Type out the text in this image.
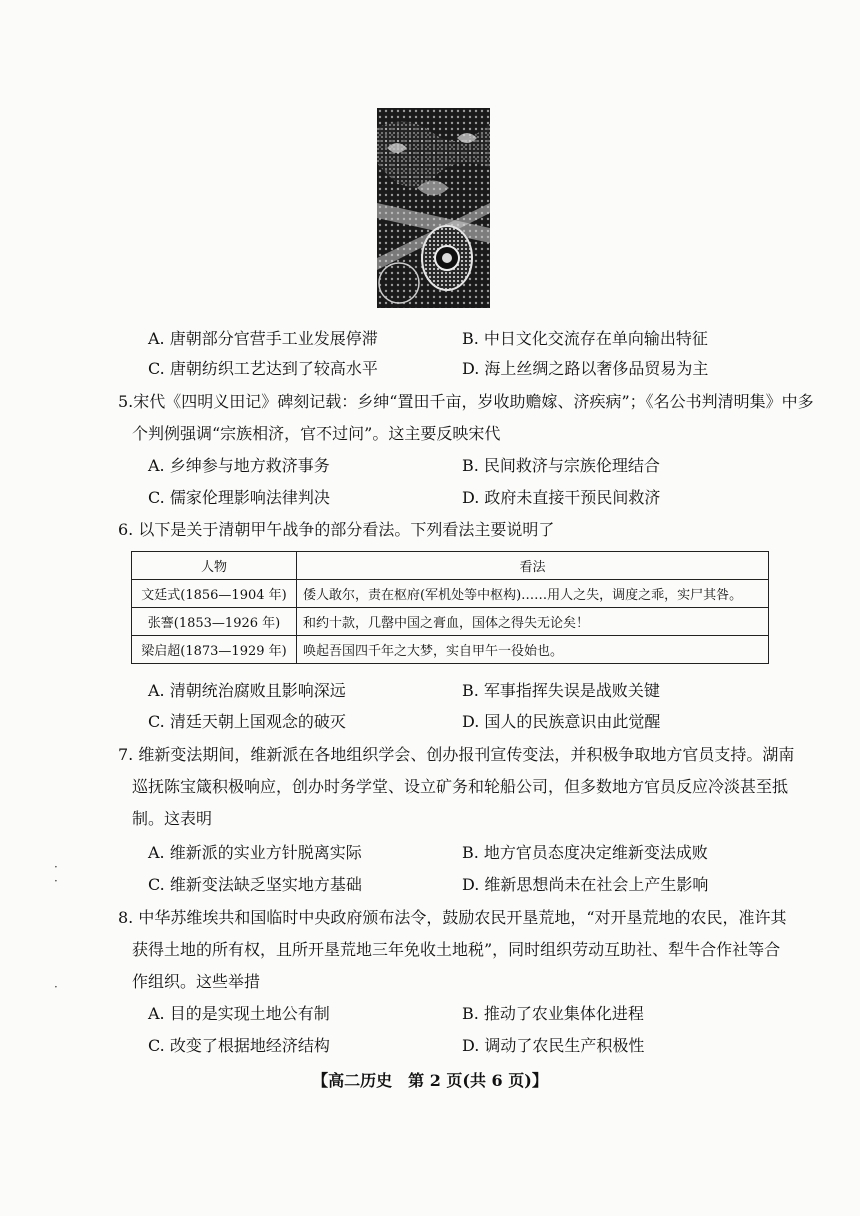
A. 唐朝部分官营手工业发展停滞	B. 中日文化交流存在单向输出特征
C. 唐朝纺织工艺达到了较高水平	D. 海上丝绸之路以奢侈品贸易为主
5.宋代《四明义田记》碑刻记载：乡绅“置田千亩，岁收助赡嫁、济疾病”；《名公书判清明集》中多
个判例强调“宗族相济，官不过问”。这主要反映宋代
A. 乡绅参与地方救济事务	B. 民间救济与宗族伦理结合
C. 儒家伦理影响法律判决	D. 政府未直接干预民间救济
6. 以下是关于清朝甲午战争的部分看法。下列看法主要说明了
人物	看法
文廷式(1856—1904 年)	倭人敢尔，责在枢府(军机处等中枢构)……用人之失，调度之乖，实尸其咎。
张謇(1853—1926 年)	和约十款，几罄中国之膏血，国体之得失无论矣！
梁启超(1873—1929 年)	唤起吾国四千年之大梦，实自甲午一役始也。
A. 清朝统治腐败且影响深远	B. 军事指挥失误是战败关键
C. 清廷天朝上国观念的破灭	D. 国人的民族意识由此觉醒
7. 维新变法期间，维新派在各地组织学会、创办报刊宣传变法，并积极争取地方官员支持。湖南
巡抚陈宝箴积极响应，创办时务学堂、设立矿务和轮船公司，但多数地方官员反应冷淡甚至抵
制。这表明
A. 维新派的实业方针脱离实际	B. 地方官员态度决定维新变法成败
C. 维新变法缺乏坚实地方基础	D. 维新思想尚未在社会上产生影响
8. 中华苏维埃共和国临时中央政府颁布法令，鼓励农民开垦荒地，“对开垦荒地的农民，准许其
获得土地的所有权，且所开垦荒地三年免收土地税”，同时组织劳动互助社、犁牛合作社等合
作组织。这些举措
A. 目的是实现土地公有制	B. 推动了农业集体化进程
C. 改变了根据地经济结构	D. 调动了农民生产积极性
·
·
·
【高二历史　第 2 页(共 6 页)】
